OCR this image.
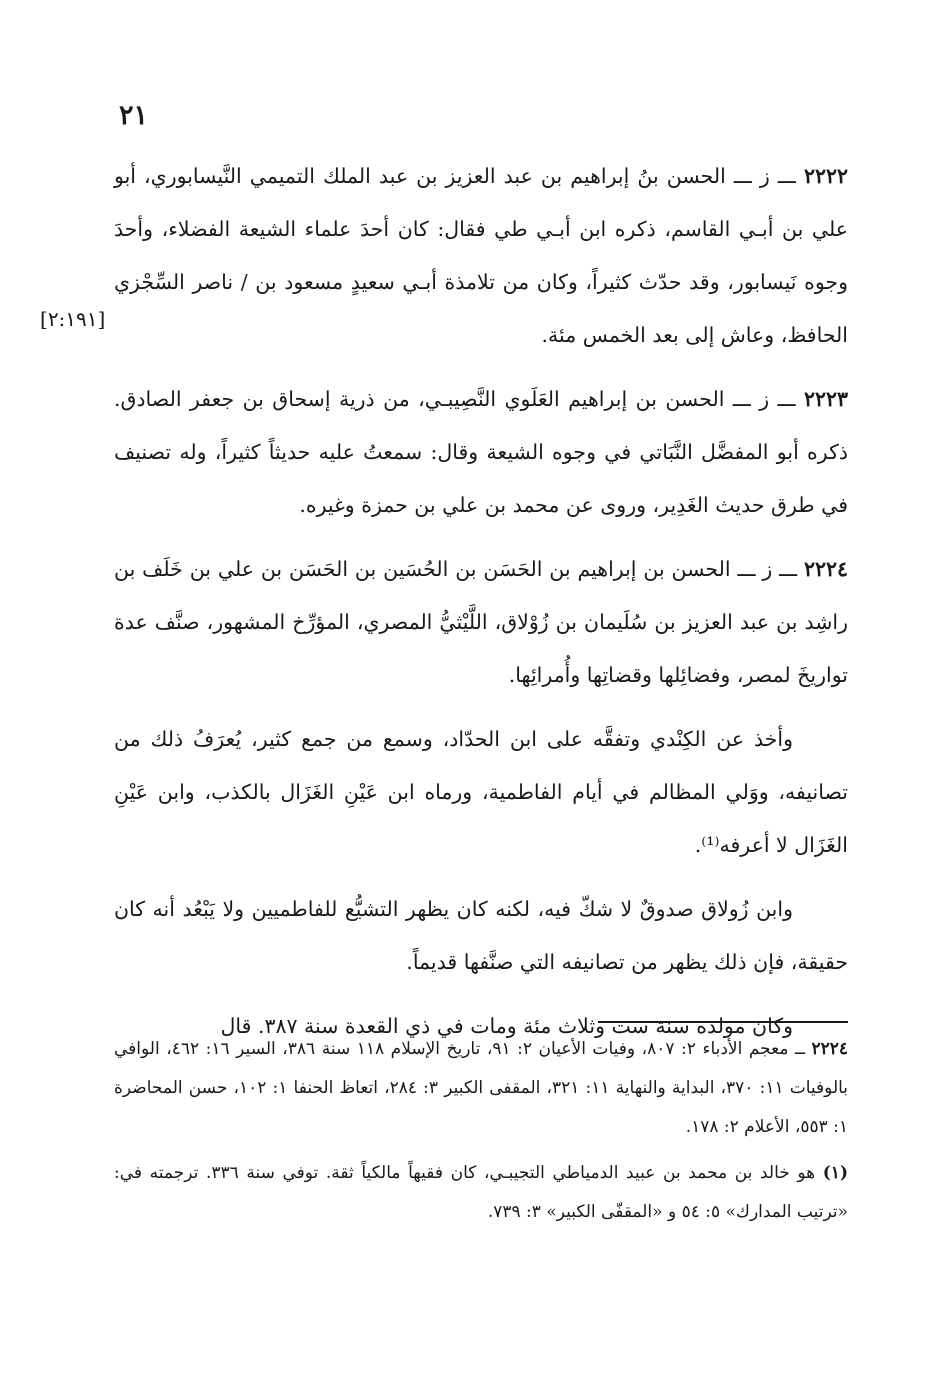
٢١
[٢:١٩١]

٢٢٢٢ ـــ ز ـــ الحسن بنُ إبراهيم بن عبد العزيز بن عبد الملك التميمي النَّيسابوري، أبو علي بن أبـي القاسم، ذكره ابن أبـي طي فقال: كان أحدَ علماء الشيعة الفضلاء، وأحدَ وجوه نَيسابور، وقد حدّث كثيراً، وكان من تلامذة أبـي سعيدٍ مسعود بن / ناصر السِّجْزي الحافظ، وعاش إلى بعد الخمس مئة.

٢٢٢٣ ـــ ز ـــ الحسن بن إبراهيم العَلَوي النَّصِيبـي، من ذرية إسحاق بن جعفر الصادق. ذكره أبو المفضَّل النَّبَاتي في وجوه الشيعة وقال: سمعتُ عليه حديثاً كثيراً، وله تصنيف في طرق حديث الغَدِير، وروى عن محمد بن علي بن حمزة وغيره.

٢٢٢٤ ـــ ز ـــ الحسن بن إبراهيم بن الحَسَن بن الحُسَين بن الحَسَن بن علي بن خَلَف بن راشِد بن عبد العزيز بن سُلَيمان بن زُوْلاق، اللَّيْثيُّ المصري، المؤرِّخ المشهور، صنَّف عدة تواريخَ لمصر، وفضائِلها وقضاتِها وأُمرائِها.

وأخذ عن الكِنْدي وتفقَّه على ابن الحدّاد، وسمع من جمع كثير، يُعرَفُ ذلك من تصانيفه، ووَلي المظالم في أيام الفاطمية، ورماه ابن عَيْنِ الغَزَال بالكذب، وابن عَيْنِ الغَزَال لا أعرفه⁽¹⁾.

وابن زُولاق صدوقٌ لا شكّ فيه، لكنه كان يظهر التشيُّع للفاطميين ولا يَبْعُد أنه كان حقيقة، فإن ذلك يظهر من تصانيفه التي صنَّفها قديماً.

وكان مولده سنة ست وثلاث مئة ومات في ذي القعدة سنة ٣٨٧. قال

٢٢٢٤ ــ معجم الأدباء ٢: ٨٠٧، وفيات الأعيان ٢: ٩١، تاريخ الإسلام ١١٨ سنة ٣٨٦، السير ١٦: ٤٦٢، الوافي بالوفيات ١١: ٣٧٠، البداية والنهاية ١١: ٣٢١، المقفى الكبير ٣: ٢٨٤، اتعاظ الحنفا ١: ١٠٢، حسن المحاضرة ١: ٥٥٣، الأعلام ٢: ١٧٨.

(١) هو خالد بن محمد بن عبيد الدمياطي التجيبـي، كان فقيهاً مالكياً ثقة. توفي سنة ٣٣٦. ترجمته في: «ترتيب المدارك» ٥: ٥٤ و «المقفّى الكبير» ٣: ٧٣٩.
